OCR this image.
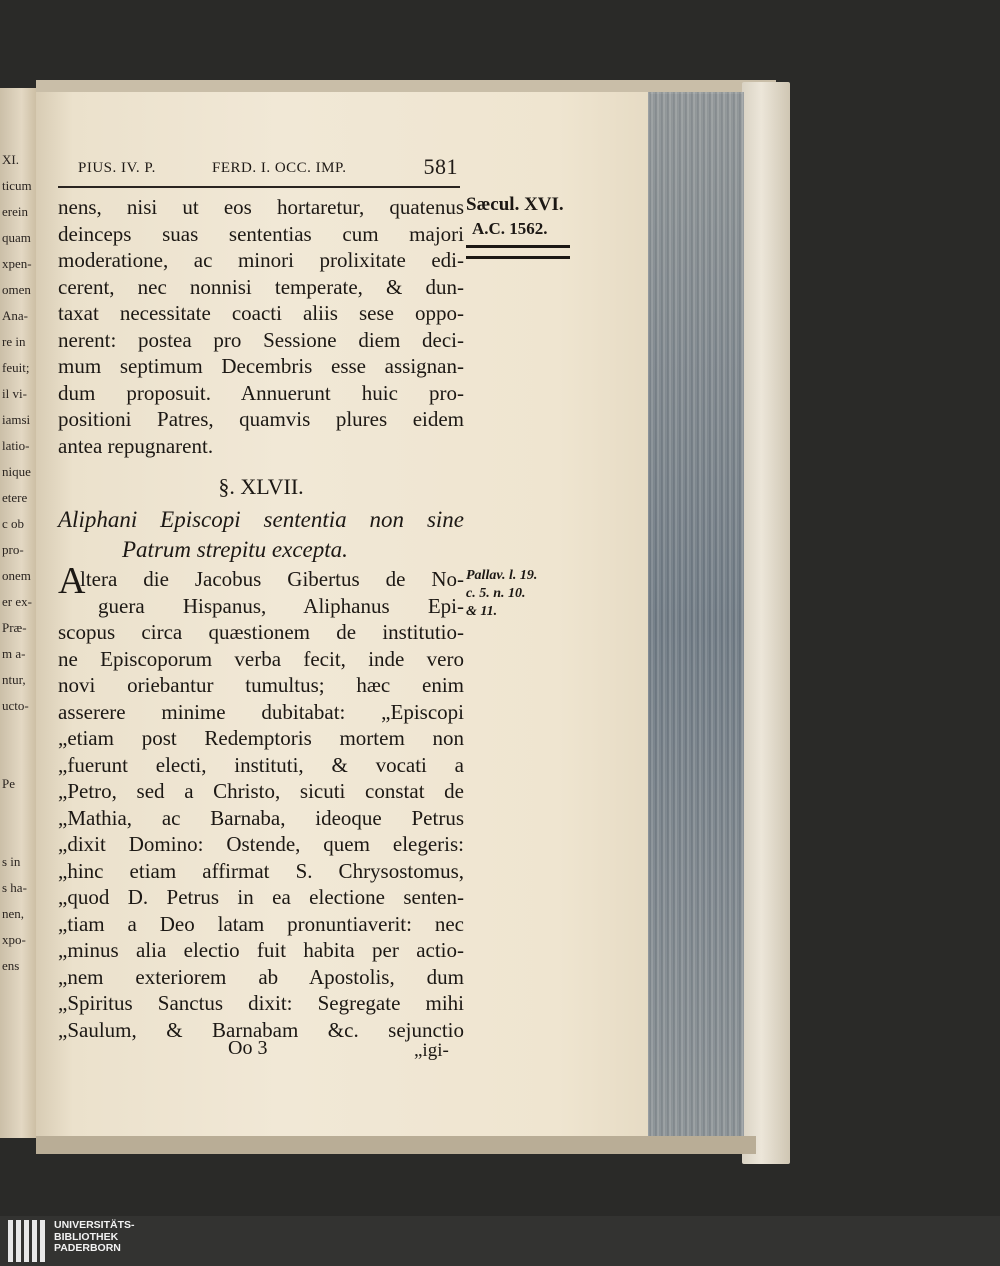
XI.
ticum
erein
quam
xpen-
omen
Ana-
re in
feuit;
il vi-
iamsi
latio-
nique
etere
c ob
pro-
onem
er ex-
Præ-
m a-
ntur,
ucto-
Pe
s in
s ha-
nen,
xpo-
ens
PIUS. IV. P.	FERD. I. OCC. IMP.	581
Sæcul. XVI.
A.C. 1562.
nens, nisi ut eos hortaretur, quatenus
deinceps suas sententias cum majori
moderatione, ac minori prolixitate edi-
cerent, nec nonnisi temperate, & dun-
taxat necessitate coacti aliis sese oppo-
nerent: postea pro Sessione diem deci-
mum septimum Decembris esse assignan-
dum proposuit. Annuerunt huic pro-
positioni Patres, quamvis plures eidem
antea repugnarent.
§. XLVII.
Aliphani Episcopi sententia non sine
Patrum strepitu excepta.
A
ltera die Jacobus Gibertus de No-
guera Hispanus, Aliphanus Epi-
scopus circa quæstionem de institutio-
ne Episcoporum verba fecit, inde vero
novi oriebantur tumultus; hæc enim
asserere minime dubitabat: „Episcopi
„etiam post Redemptoris mortem non
„fuerunt electi, instituti, & vocati a
„Petro, sed a Christo, sicuti constat de
„Mathia, ac Barnaba, ideoque Petrus
„dixit Domino: Ostende, quem elegeris:
„hinc etiam affirmat S. Chrysostomus,
„quod D. Petrus in ea electione senten-
„tiam a Deo latam pronuntiaverit: nec
„minus alia electio fuit habita per actio-
„nem exteriorem ab Apostolis, dum
„Spiritus Sanctus dixit: Segregate mihi
„Saulum, & Barnabam &c. sejunctio
Pallav. l. 19.
c. 5. n. 10.
& 11.
Oo 3	„igi-
UNIVERSITÄTS-
BIBLIOTHEK
PADERBORN
